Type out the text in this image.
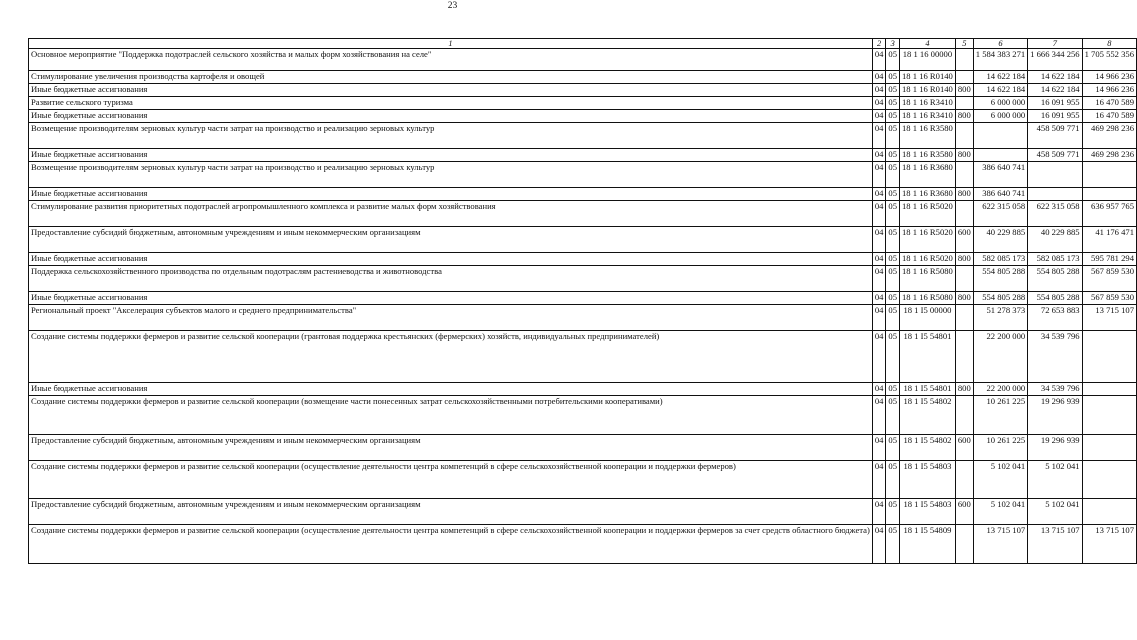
23
1	2	3	4	5	6	7	8
Основное мероприятие "Поддержка подотраслей сельского хозяйства и малых форм хозяйствования на селе"	04	05	18 1 16 00000		1 584 383 271	1 666 344 256	1 705 552 356
Стимулирование увеличения производства картофеля и овощей	04	05	18 1 16 R0140		14 622 184	14 622 184	14 966 236
Иные бюджетные ассигнования	04	05	18 1 16 R0140	800	14 622 184	14 622 184	14 966 236
Развитие сельского туризма	04	05	18 1 16 R3410		6 000 000	16 091 955	16 470 589
Иные бюджетные ассигнования	04	05	18 1 16 R3410	800	6 000 000	16 091 955	16 470 589
Возмещение производителям зерновых культур части затрат на производство и реализацию зерновых культур	04	05	18 1 16 R3580			458 509 771	469 298 236
Иные бюджетные ассигнования	04	05	18 1 16 R3580	800		458 509 771	469 298 236
Возмещение производителям зерновых культур части затрат на производство и реализацию зерновых культур	04	05	18 1 16 R3680		386 640 741		
Иные бюджетные ассигнования	04	05	18 1 16 R3680	800	386 640 741		
Стимулирование развития приоритетных подотраслей агропромышленного комплекса и развитие малых форм хозяйствования	04	05	18 1 16 R5020		622 315 058	622 315 058	636 957 765
Предоставление субсидий бюджетным, автономным учреждениям и иным некоммерческим организациям	04	05	18 1 16 R5020	600	40 229 885	40 229 885	41 176 471
Иные бюджетные ассигнования	04	05	18 1 16 R5020	800	582 085 173	582 085 173	595 781 294
Поддержка сельскохозяйственного производства по отдельным подотраслям растениеводства и животноводства	04	05	18 1 16 R5080		554 805 288	554 805 288	567 859 530
Иные бюджетные ассигнования	04	05	18 1 16 R5080	800	554 805 288	554 805 288	567 859 530
Региональный проект "Акселерация субъектов малого и среднего предпринимательства"	04	05	18 1 I5 00000		51 278 373	72 653 883	13 715 107
Создание системы поддержки фермеров и развитие сельской кооперации (грантовая поддержка крестьянских (фермерских) хозяйств, индивидуальных предпринимателей)	04	05	18 1 I5 54801		22 200 000	34 539 796	
Иные бюджетные ассигнования	04	05	18 1 I5 54801	800	22 200 000	34 539 796	
Создание системы поддержки фермеров и развитие сельской кооперации (возмещение части понесенных затрат сельскохозяйственными потребительскими кооперативами)	04	05	18 1 I5 54802		10 261 225	19 296 939	
Предоставление субсидий бюджетным, автономным учреждениям и иным некоммерческим организациям	04	05	18 1 I5 54802	600	10 261 225	19 296 939	
Создание системы поддержки фермеров и развитие сельской кооперации (осуществление деятельности центра компетенций в сфере сельскохозяйственной кооперации и поддержки фермеров)	04	05	18 1 I5 54803		5 102 041	5 102 041	
Предоставление субсидий бюджетным, автономным учреждениям и иным некоммерческим организациям	04	05	18 1 I5 54803	600	5 102 041	5 102 041	
Создание системы поддержки фермеров и развитие сельской кооперации (осуществление деятельности центра компетенций в сфере сельскохозяйственной кооперации и поддержки фермеров за счет средств областного бюджета)	04	05	18 1 I5 54809		13 715 107	13 715 107	13 715 107
